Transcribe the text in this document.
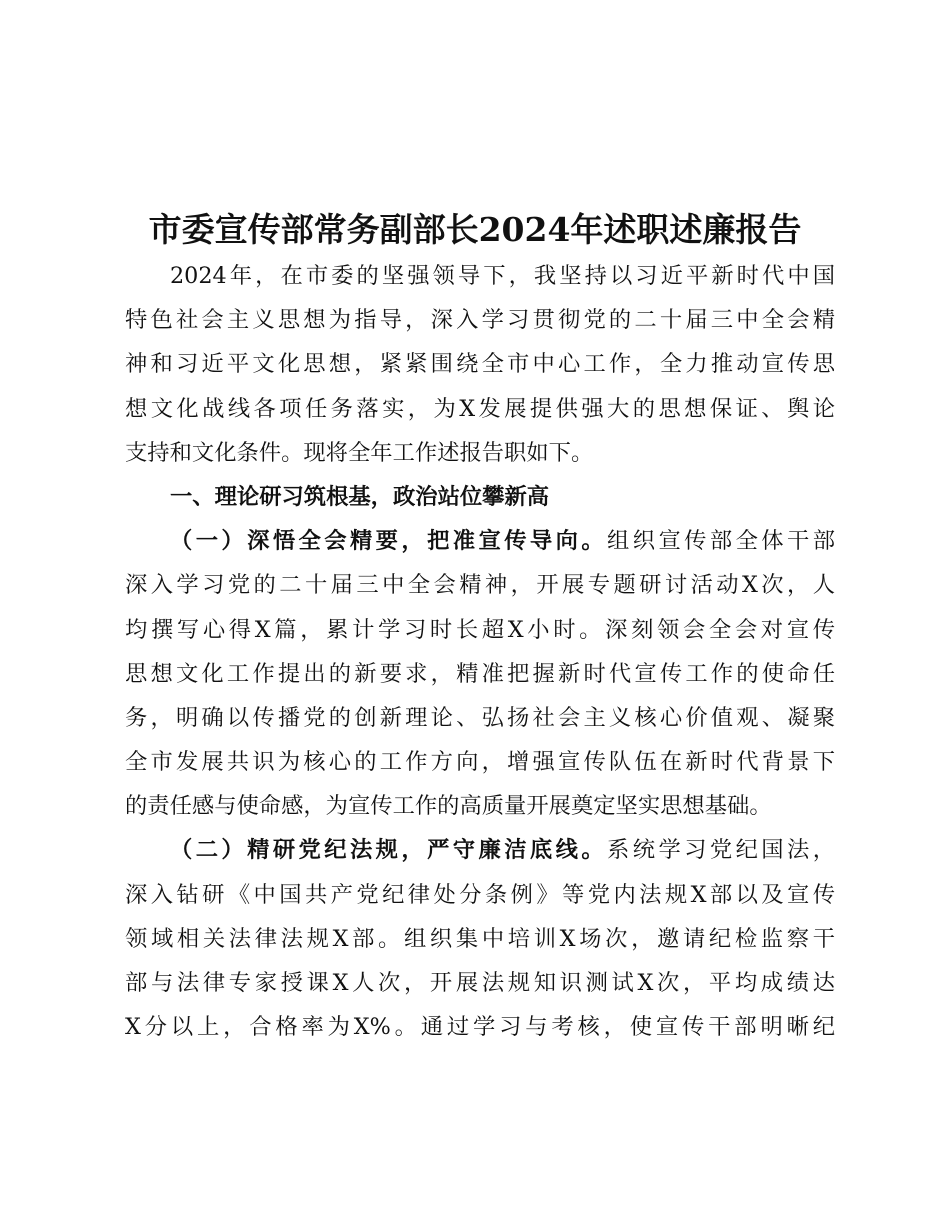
市委宣传部常务副部长2024年述职述廉报告
2024年，在市委的坚强领导下，我坚持以习近平新时代中国
特色社会主义思想为指导，深入学习贯彻党的二十届三中全会精
神和习近平文化思想，紧紧围绕全市中心工作，全力推动宣传思
想文化战线各项任务落实，为X发展提供强大的思想保证、舆论
支持和文化条件。现将全年工作述报告职如下。
一、理论研习筑根基，政治站位攀新高
（一）深悟全会精要，把准宣传导向。组织宣传部全体干部
深入学习党的二十届三中全会精神，开展专题研讨活动X次，人
均撰写心得X篇，累计学习时长超X小时。深刻领会全会对宣传
思想文化工作提出的新要求，精准把握新时代宣传工作的使命任
务，明确以传播党的创新理论、弘扬社会主义核心价值观、凝聚
全市发展共识为核心的工作方向，增强宣传队伍在新时代背景下
的责任感与使命感，为宣传工作的高质量开展奠定坚实思想基础。
（二）精研党纪法规，严守廉洁底线。系统学习党纪国法，
深入钻研《中国共产党纪律处分条例》等党内法规X部以及宣传
领域相关法律法规X部。组织集中培训X场次，邀请纪检监察干
部与法律专家授课X人次，开展法规知识测试X次，平均成绩达
X分以上，合格率为X%。通过学习与考核，使宣传干部明晰纪
